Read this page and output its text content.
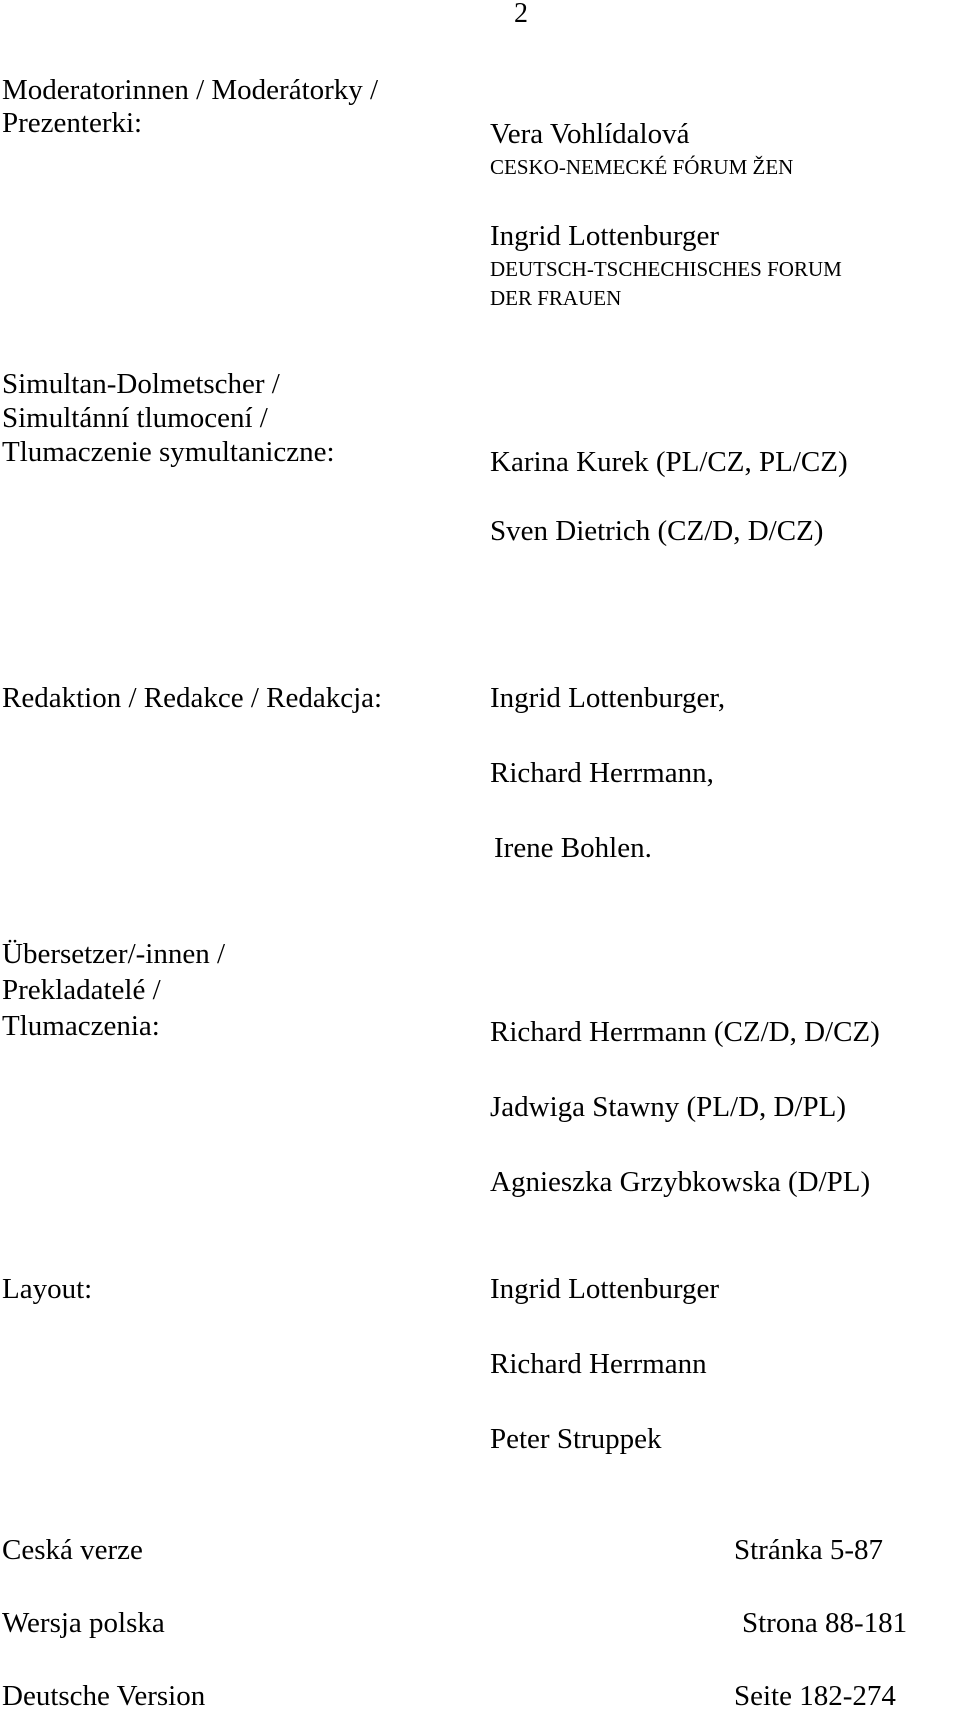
2
Moderatorinnen / Moderátorky /
Prezenterki:	Vera Vohlídalová
CESKO-NEMECKÉ FÓRUM ŽEN
Ingrid Lottenburger
DEUTSCH-TSCHECHISCHES FORUM
DER FRAUEN
Simultan-Dolmetscher /
Simultánní tlumocení /
Tlumaczenie symultaniczne:	Karina Kurek (PL/CZ, PL/CZ)
Sven Dietrich (CZ/D, D/CZ)
Redaktion / Redakce / Redakcja:	Ingrid Lottenburger,
Richard Herrmann,
Irene Bohlen.
Übersetzer/-innen /
Prekladatelé /
Tlumaczenia:	Richard Herrmann (CZ/D, D/CZ)
Jadwiga Stawny (PL/D, D/PL)
Agnieszka Grzybkowska (D/PL)
Layout:	Ingrid Lottenburger
Richard Herrmann
Peter Struppek
Ceská verze	Stránka 5-87
Wersja polska	Strona 88-181
Deutsche Version	Seite 182-274
